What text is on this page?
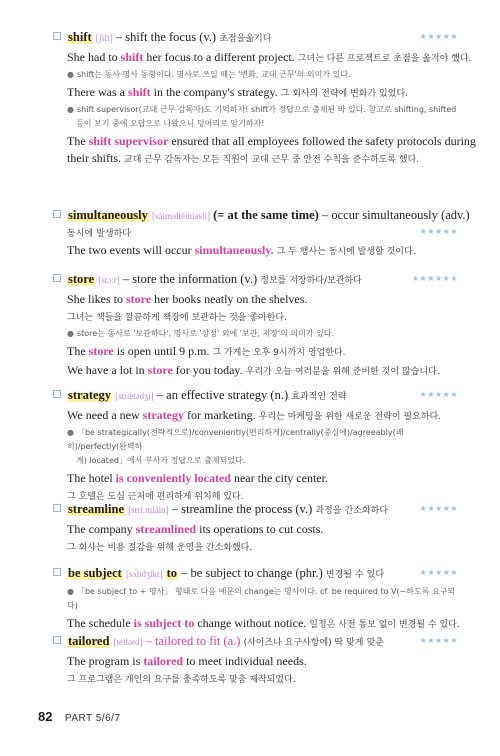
shift [ʃift] – shift the focus (v.) 초점을옮기다	★★★★★
She had to shift her focus to a different project. 그녀는 다른 프로젝트로 초점을 옮겨야 했다.
● shift는 동사·명사 동형이다. 명사로 쓰일 때는 '변화, 교대 근무'의 의미가 있다.
There was a shift in the company's strategy. 그 회사의 전략에 변화가 있었다.
● shift supervisor(교대 근무 감독자)도 기억하자! shift가 정답으로 출제된 바 있다. 참고로 shifting, shifted
등이 보기 중에 오답으로 나왔으니 덩어리로 암기하자!
The shift supervisor ensured that all employees followed the safety protocols during
their shifts. 교대 근무 감독자는 모든 직원이 교대 근무 중 안전 수칙을 준수하도록 했다.
simultaneously [sàiməltéiniəsli] (= at the same time) – occur simultaneously (adv.)
동시에 발생하다	★★★★★
The two events will occur simultaneously. 그 두 행사는 동시에 발생할 것이다.
store [stɔːr] – store the information (v.) 정보를 저장하다/보관하다	★★★★★★
She likes to store her books neatly on the shelves.
그녀는 책들을 깔끔하게 책장에 보관하는 것을 좋아한다.
● store는 동사로 '보관하다', 명사로 '상점' 외에 '보관, 저장'의 의미가 있다.
The store is open until 9 p.m. 그 가게는 오후 9시까지 영업한다.
We have a lot in store for you today. 우리가 오늘 여러분을 위해 준비한 것이 많습니다.
strategy [strǽtədʒi] – an effective strategy (n.) 효과적인 전략	★★★★★
We need a new strategy for marketing. 우리는 마케팅을 위한 새로운 전략이 필요하다.
● 「be strategically(전략적으로)/conveniently(편리하게)/centrally(중심에)/agreeably(쾌히)/perfectly(완벽하
게) located」에서 부사가 정답으로 출제되었다.
The hotel is conveniently located near the city center.
그 호텔은 도심 근처에 편리하게 위치해 있다.
streamline [stríːmlàin] – streamline the process (v.) 과정을 간소화하다	★★★★★
The company streamlined its operations to cut costs.
그 회사는 비용 절감을 위해 운영을 간소화했다.
be subject [sʌ́bdʒikt] to – be subject to change (phr.) 변경될 수 있다	★★★★★
● 「be subject to + 명사」 형태로 다음 예문의 change는 명사이다. cf. be required to V(~하도록 요구되다)
The schedule is subject to change without notice. 일정은 사전 통보 없이 변경될 수 있다.
tailored [téilərd] – tailored to fit (a.) (사이즈나 요구사항에) 딱 맞게 맞춘	★★★★★
The program is tailored to meet individual needs.
그 프로그램은 개인의 요구를 충족하도록 맞춤 제작되었다.
82 PART 5/6/7
